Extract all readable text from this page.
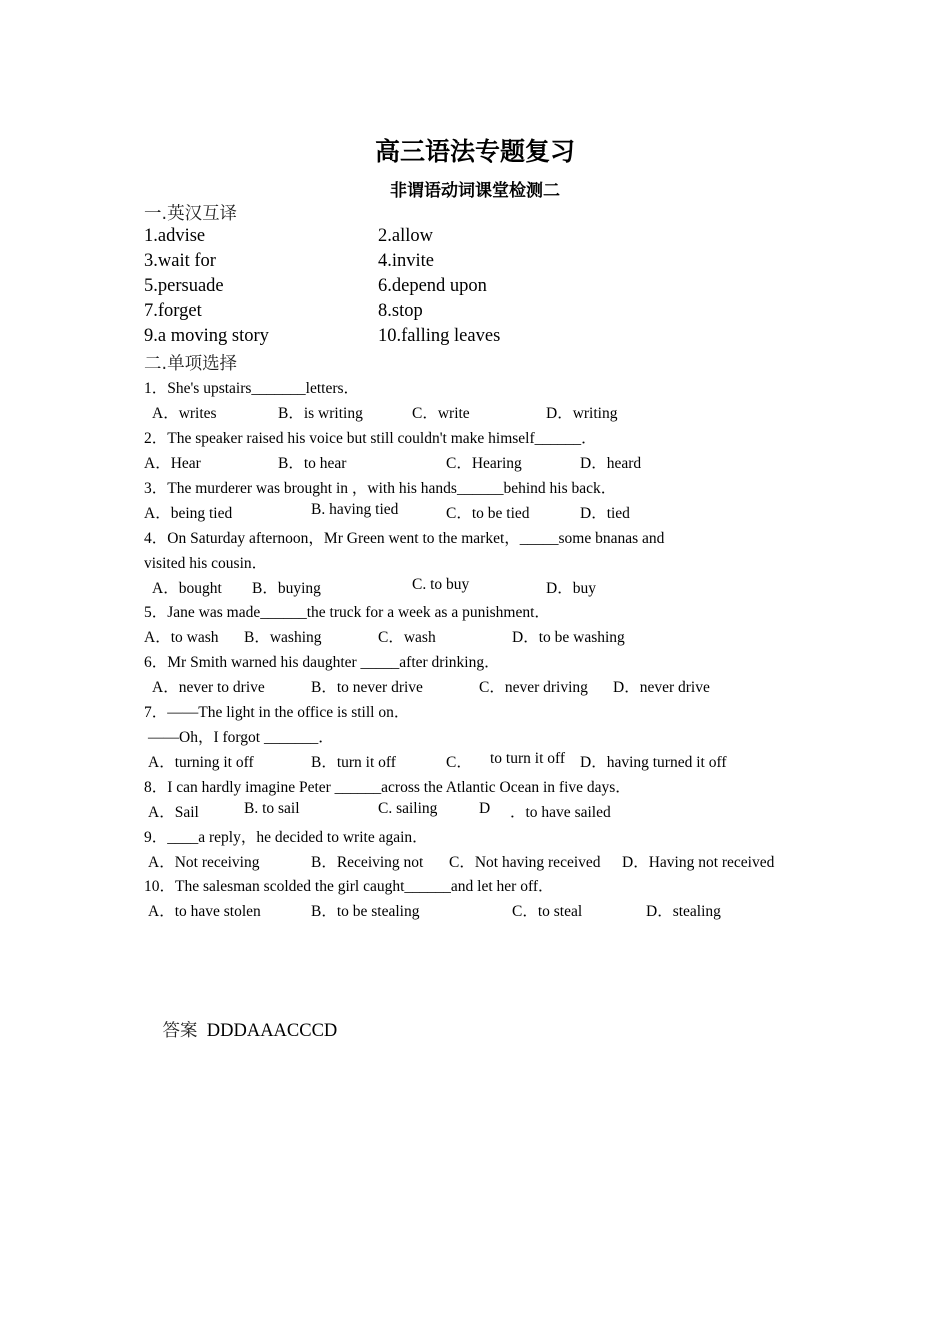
高三语法专题复习
非谓语动词课堂检测二
一.英汉互译
1.advise	2.allow
3.wait for	4.invite
5.persuade	6.depend upon
7.forget	8.stop
9.a moving story	10.falling leaves
二.单项选择
1．She's upstairs_______letters．
A．writes	B．is writing	C．write	D．writing
2．The speaker raised his voice but still couldn't make himself______．
A．Hear	B．to hear	C．Hearing	D．heard
3．The murderer was brought in ，with his hands______behind his back．
A．being tied	B. having tied	C．to be tied	D．tied
4．On Saturday afternoon，Mr Green went to the market，_____some bnanas and
visited his cousin．
A．bought B．buying	C. to buy	D．buy
5．Jane was made______the truck for a week as a punishment．
A．to wash B．washing	C．wash	D．to be washing
6．Mr Smith warned his daughter _____after drinking．
A．never to drive	B．to never drive	C．never driving D．never drive
7．——The light in the office is still on．
——Oh，I forgot _______．
A．turning it off	B．turn it off	C． to turn it off D．having turned it off
8．I can hardly imagine Peter ______across the Atlantic Ocean in five days．
A．Sail	B. to sail	C. sailing	D ．to have sailed
9．____a reply，he decided to write again．
A．Not receiving	B．Receiving not C．Not having received D．Having not received
10．The salesman scolded the girl caught______and let her off．
A．to have stolen	B．to be stealing	C．to steal	D．stealing

答案 DDDAAACCCD
